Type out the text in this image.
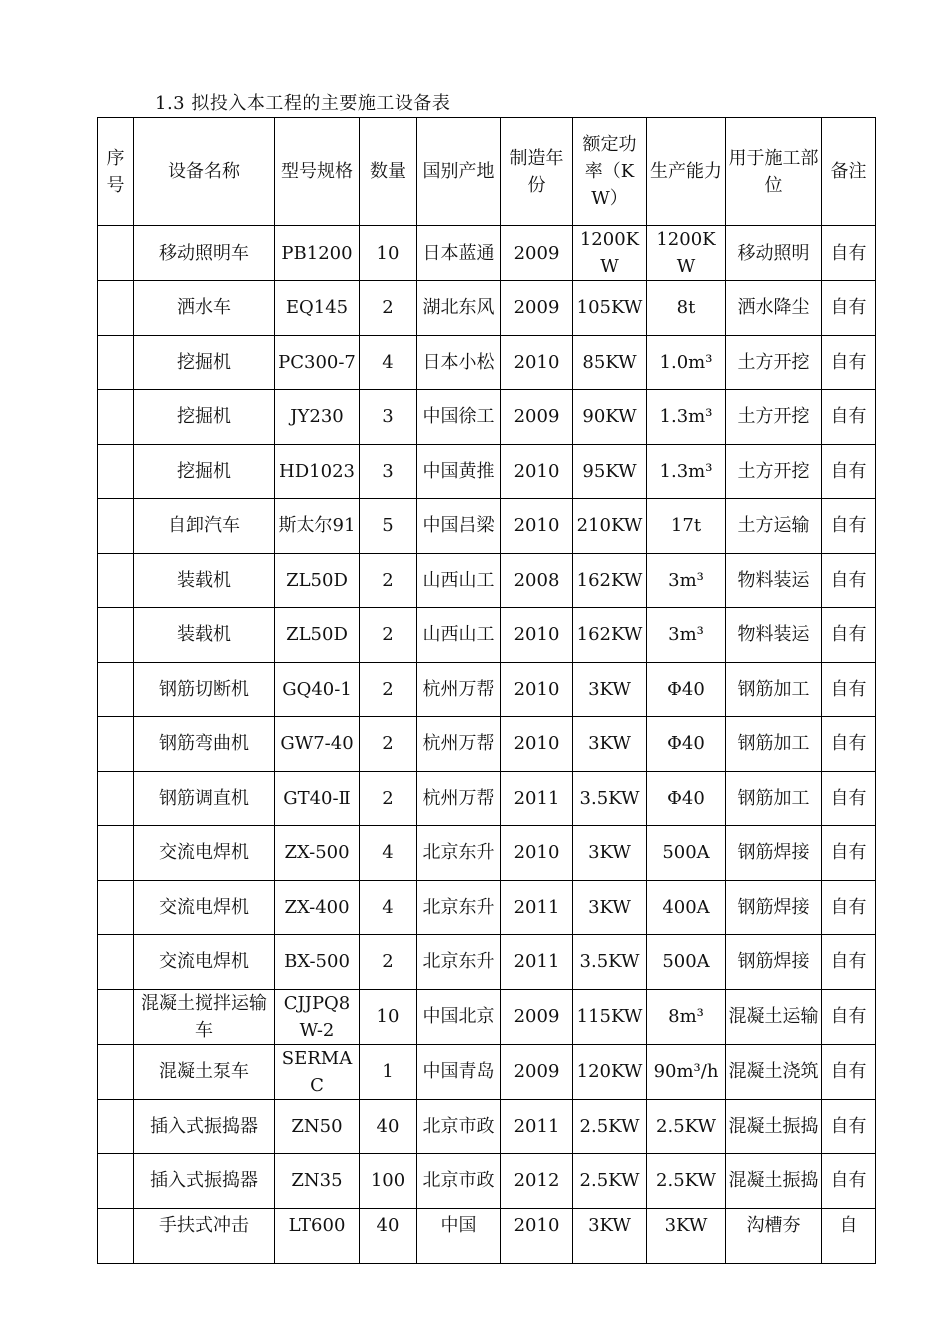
1.3 拟投入本工程的主要施工设备表
序号	设备名称	型号规格	数量	国别产地	制造年份	额定功率（KW）	生产能力	用于施工部位	备注
	移动照明车	PB1200	10	日本蓝通	2009	1200KW	1200KW	移动照明	自有
	洒水车	EQ145	2	湖北东风	2009	105KW	8t	洒水降尘	自有
	挖掘机	PC300-7	4	日本小松	2010	85KW	1.0m³	土方开挖	自有
	挖掘机	JY230	3	中国徐工	2009	90KW	1.3m³	土方开挖	自有
	挖掘机	HD1023	3	中国黄推	2010	95KW	1.3m³	土方开挖	自有
	自卸汽车	斯太尔91	5	中国吕梁	2010	210KW	17t	土方运输	自有
	装载机	ZL50D	2	山西山工	2008	162KW	3m³	物料装运	自有
	装载机	ZL50D	2	山西山工	2010	162KW	3m³	物料装运	自有
	钢筋切断机	GQ40-1	2	杭州万帮	2010	3KW	Φ40	钢筋加工	自有
	钢筋弯曲机	GW7-40	2	杭州万帮	2010	3KW	Φ40	钢筋加工	自有
	钢筋调直机	GT40-Ⅱ	2	杭州万帮	2011	3.5KW	Φ40	钢筋加工	自有
	交流电焊机	ZX-500	4	北京东升	2010	3KW	500A	钢筋焊接	自有
	交流电焊机	ZX-400	4	北京东升	2011	3KW	400A	钢筋焊接	自有
	交流电焊机	BX-500	2	北京东升	2011	3.5KW	500A	钢筋焊接	自有
	混凝土搅拌运输车	CJJPQ8W-2	10	中国北京	2009	115KW	8m³	混凝土运输	自有
	混凝土泵车	SERMAC	1	中国青岛	2009	120KW	90m³/h	混凝土浇筑	自有
	插入式振捣器	ZN50	40	北京市政	2011	2.5KW	2.5KW	混凝土振捣	自有
	插入式振捣器	ZN35	100	北京市政	2012	2.5KW	2.5KW	混凝土振捣	自有
	手扶式冲击	LT600	40	中国	2010	3KW	3KW	沟槽夯	自
